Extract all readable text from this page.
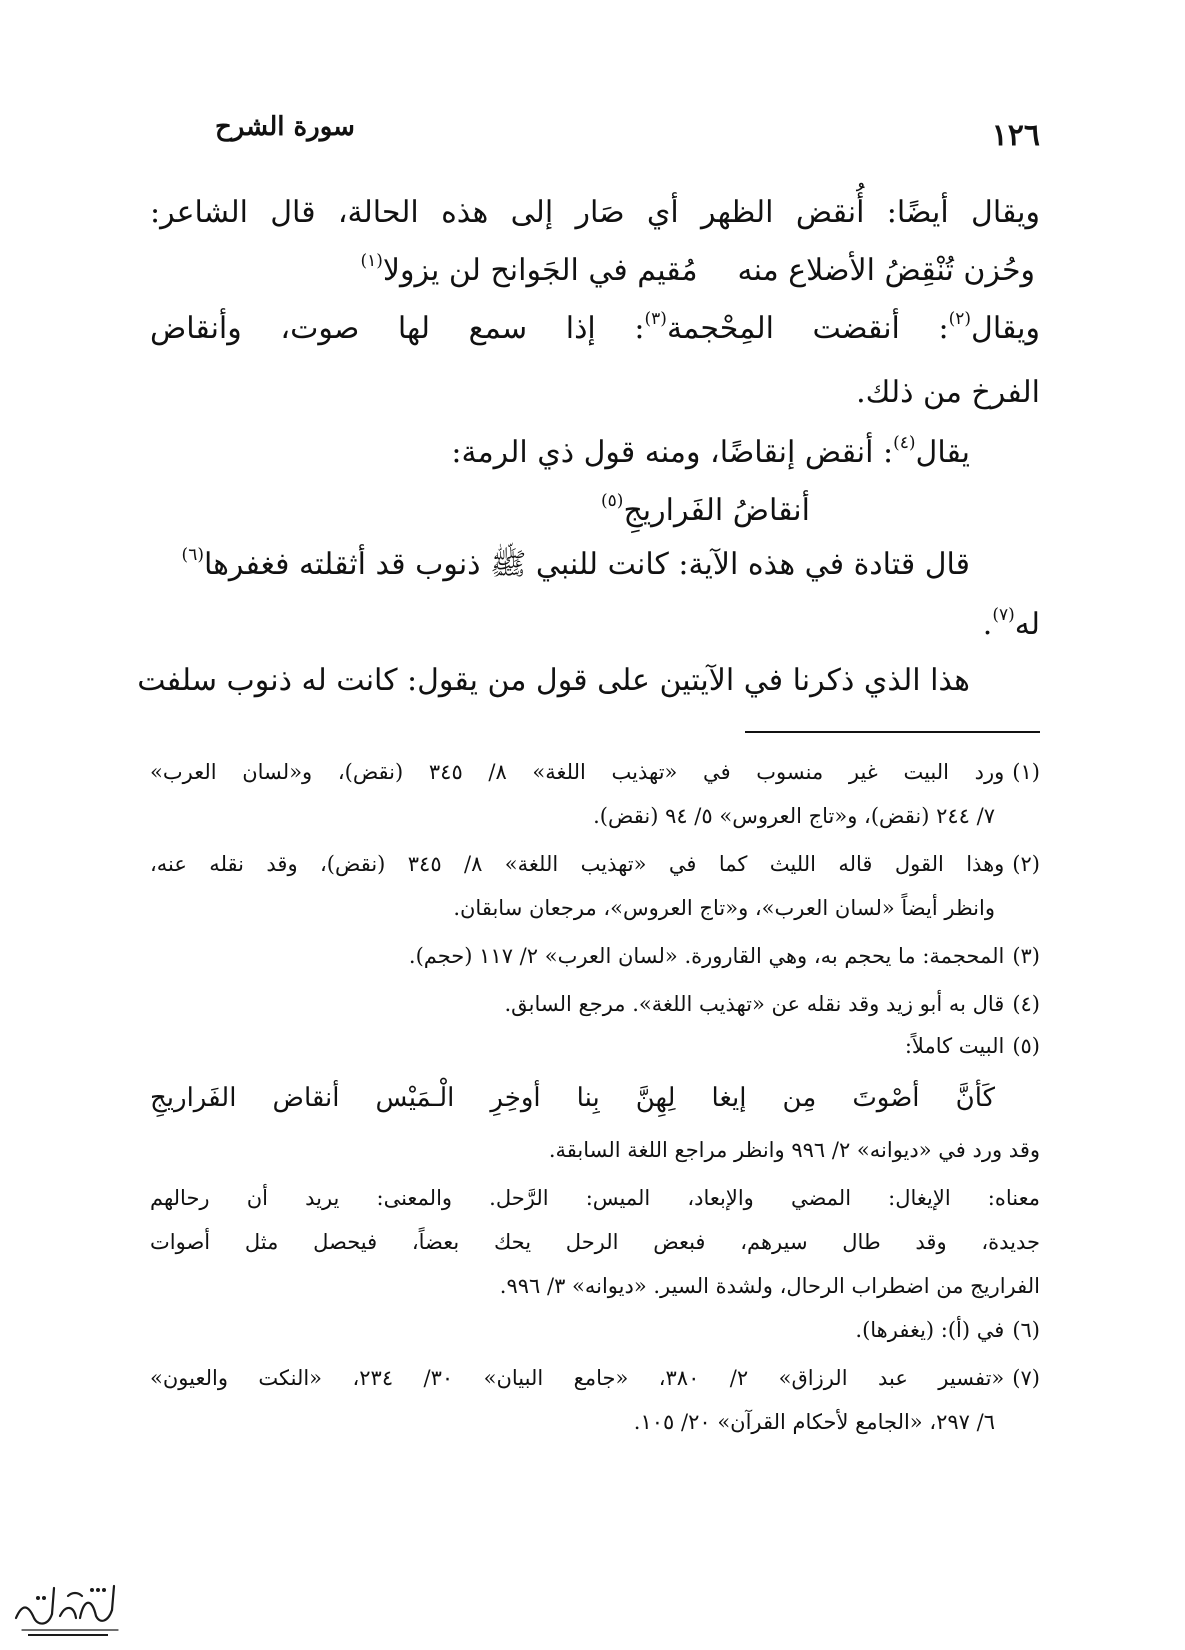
١٢٦
سورة الشرح
ويقال أيضًا: أُنقض الظهر أي صَار إلى هذه الحالة، قال الشاعر:
وحُزن تُنْقِضُ الأضلاع منهمُقيم في الجَوانح لن يزولا$^{(١)}$
ويقال$^{(٢)}$: أنقضت المِحْجمة$^{(٣)}$: إذا سمع لها صوت، وأنقاض
الفرخ من ذلك.
يقال$^{(٤)}$: أنقض إنقاضًا، ومنه قول ذي الرمة:
أنقاضُ الفَراريجِ$^{(٥)}$
قال قتادة في هذه الآية: كانت للنبي ﷺ ذنوب قد أثقلته فغفرها$^{(٦)}$
له$^{(٧)}$.
هذا الذي ذكرنا في الآيتين على قول من يقول: كانت له ذنوب سلفت
(١)ورد البيت غير منسوب في «تهذيب اللغة» ٨/ ٣٤٥ (نقض)، و«لسان العرب»
٧/ ٢٤٤ (نقض)، و«تاج العروس» ٥/ ٩٤ (نقض).
(٢)وهذا القول قاله الليث كما في «تهذيب اللغة» ٨/ ٣٤٥ (نقض)، وقد نقله عنه،
وانظر أيضاً «لسان العرب»، و«تاج العروس»، مرجعان سابقان.
(٣)المحجمة: ما يحجم به، وهي القارورة. «لسان العرب» ٢/ ١١٧ (حجم).
(٤)قال به أبو زيد وقد نقله عن «تهذيب اللغة». مرجع السابق.
(٥)البيت كاملاً:
كَأنَّ أصْوتَ مِن إيغا لِهِنَّ بِنا أوخِرِ الْـمَيْس أنقاض الفَراريجِ
وقد ورد في «ديوانه» ٢/ ٩٩٦ وانظر مراجع اللغة السابقة.
معناه: الإيغال: المضي والإبعاد، الميس: الرَّحل. والمعنى: يريد أن رحالهم
جديدة، وقد طال سيرهم، فبعض الرحل يحك بعضاً، فيحصل مثل أصوات
الفراريج من اضطراب الرحال، ولشدة السير. «ديوانه» ٣/ ٩٩٦.
(٦)في (أ): (يغفرها).
(٧)«تفسير عبد الرزاق» ٢/ ٣٨٠، «جامع البيان» ٣٠/ ٢٣٤، «النكت والعيون»
٦/ ٢٩٧، «الجامع لأحكام القرآن» ٢٠/ ١٠٥.
